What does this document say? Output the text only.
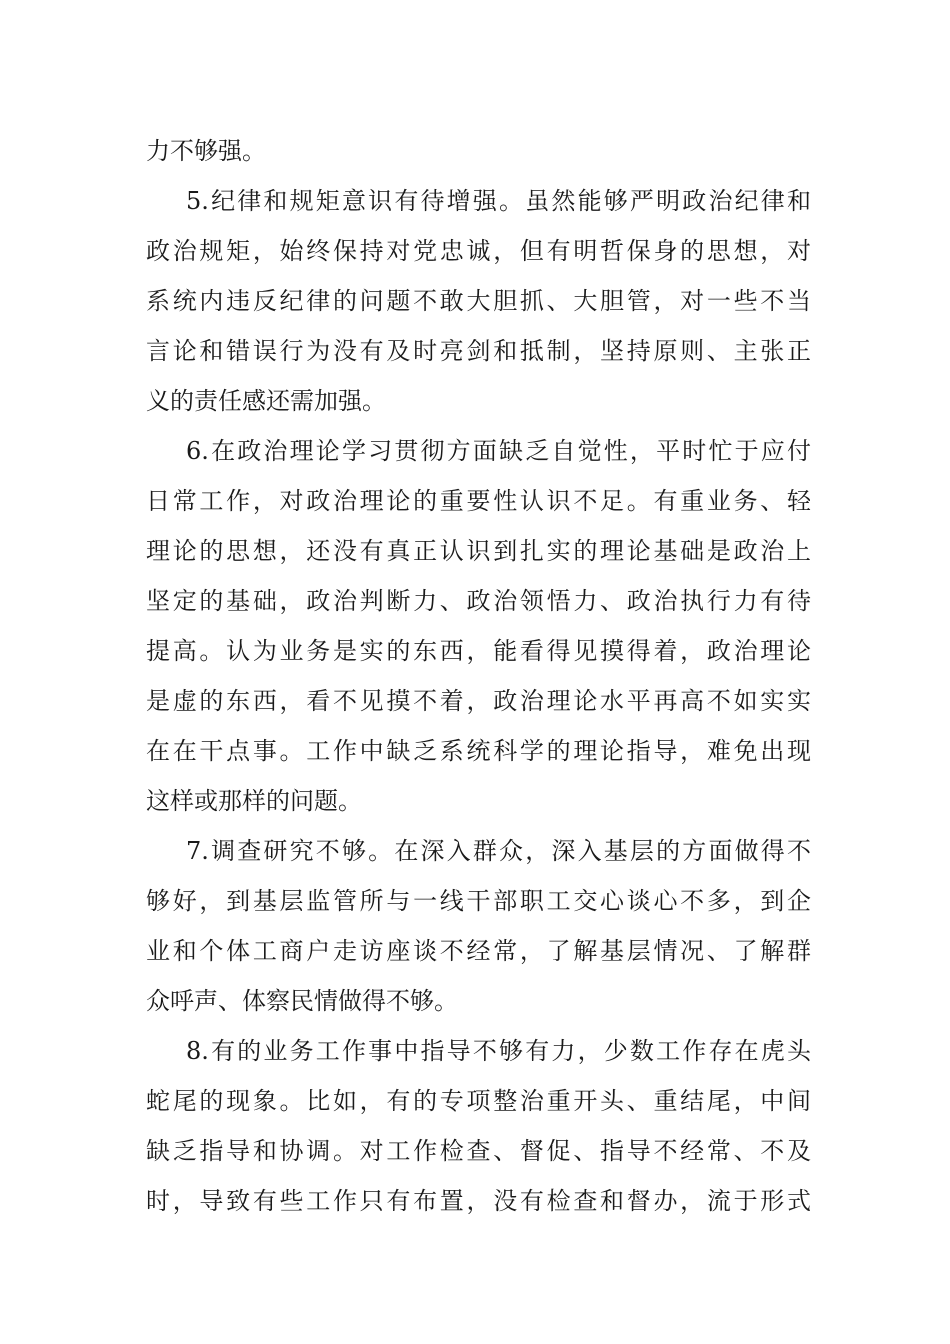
力不够强。

5.纪律和规矩意识有待增强。虽然能够严明政治纪律和

政治规矩，始终保持对党忠诚，但有明哲保身的思想，对

系统内违反纪律的问题不敢大胆抓、大胆管，对一些不当

言论和错误行为没有及时亮剑和抵制，坚持原则、主张正

义的责任感还需加强。

6.在政治理论学习贯彻方面缺乏自觉性，平时忙于应付

日常工作，对政治理论的重要性认识不足。有重业务、轻

理论的思想，还没有真正认识到扎实的理论基础是政治上

坚定的基础，政治判断力、政治领悟力、政治执行力有待

提高。认为业务是实的东西，能看得见摸得着，政治理论

是虚的东西，看不见摸不着，政治理论水平再高不如实实

在在干点事。工作中缺乏系统科学的理论指导，难免出现

这样或那样的问题。

7.调查研究不够。在深入群众，深入基层的方面做得不

够好，到基层监管所与一线干部职工交心谈心不多，到企

业和个体工商户走访座谈不经常，了解基层情况、了解群

众呼声、体察民情做得不够。

8.有的业务工作事中指导不够有力，少数工作存在虎头

蛇尾的现象。比如，有的专项整治重开头、重结尾，中间

缺乏指导和协调。对工作检查、督促、指导不经常、不及

时，导致有些工作只有布置，没有检查和督办，流于形式
